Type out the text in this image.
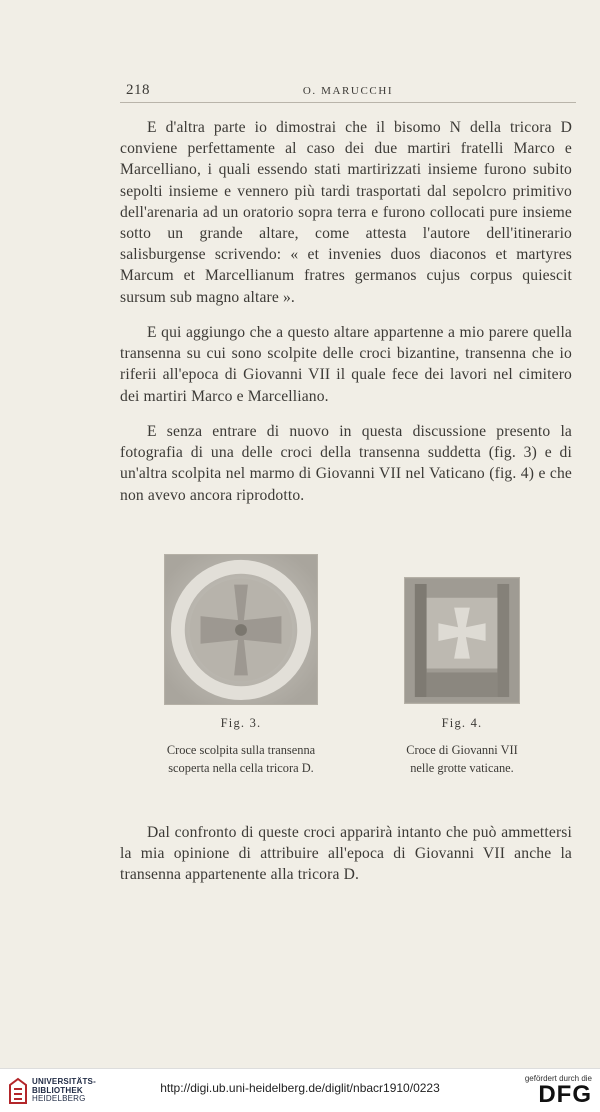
218	O. MARUCCHI

E d'altra parte io dimostrai che il bisomo N della tricora D conviene perfettamente al caso dei due martiri fratelli Marco e Marcelliano, i quali essendo stati martirizzati insieme furono subito sepolti insieme e vennero più tardi trasportati dal sepolcro primitivo dell'arenaria ad un oratorio sopra terra e furono collocati pure insieme sotto un grande altare, come attesta l'autore dell'itinerario salisburgense scrivendo: « et invenies duos diaconos et martyres Marcum et Marcellianum fratres germanos cujus corpus quiescit sursum sub magno altare ».

E qui aggiungo che a questo altare appartenne a mio parere quella transenna su cui sono scolpite delle croci bizantine, transenna che io riferii all'epoca di Giovanni VII il quale fece dei lavori nel cimitero dei martiri Marco e Marcelliano.

E senza entrare di nuovo in questa discussione presento la fotografia di una delle croci della transenna suddetta (fig. 3) e di un'altra scolpita nel marmo di Giovanni VII nel Vaticano (fig. 4) e che non avevo ancora riprodotto.

Fig. 3.	Fig. 4.
Croce scolpita sulla transenna
scoperta nella cella tricora D.
Croce di Giovanni VII
nelle grotte vaticane.

Dal confronto di queste croci apparirà intanto che può ammettersi la mia opinione di attribuire all'epoca di Giovanni VII anche la transenna appartenente alla tricora D.

UNIVERSITÄTS-
BIBLIOTHEK
HEIDELBERG
http://digi.ub.uni-heidelberg.de/diglit/nbacr1910/0223
gefördert durch die
DFG
